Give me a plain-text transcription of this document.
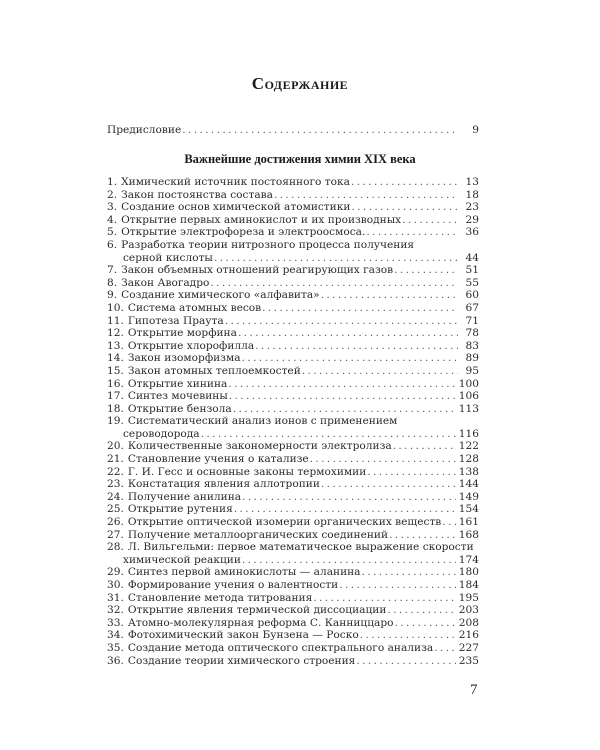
Содержание
Предисловие . . .	9
Важнейшие достижения химии XIX века
1. Химический источник постоянного тока . . .	13
2. Закон постоянства состава . . .	18
3. Создание основ химической атомистики . . .	23
4. Открытие первых аминокислот и их производных . . .	29
5. Открытие электрофореза и электроосмоса. . . .	36
6. Разработка теории нитрозного процесса получения
серной кислоты . . .	44
7. Закон объемных отношений реагирующих газов . . .	51
8. Закон Авогадро . . .	55
9. Создание химического «алфавита» . . .	60
10. Система атомных весов . . .	67
11. Гипотеза Праута . . .	71
12. Открытие морфина . . .	78
13. Открытие хлорофилла . . .	83
14. Закон изоморфизма . . .	89
15. Закон атомных теплоемкостей . . .	95
16. Открытие хинина . . .	100
17. Синтез мочевины . . .	106
18. Открытие бензола . . .	113
19. Систематический анализ ионов с применением
сероводорода . . .	116
20. Количественные закономерности электролиза . . .	122
21. Становление учения о катализе . . .	128
22. Г. И. Гесс и основные законы термохимии . . .	138
23. Констатация явления аллотропии . . .	144
24. Получение анилина . . .	149
25. Открытие рутения . . .	154
26. Открытие оптической изомерии органических веществ . . . 161
27. Получение металлоорганических соединений . . .	168
28. Л. Вильгельми: первое математическое выражение скорости
химической реакции . . .	174
29. Синтез первой аминокислоты — аланина . . .	180
30. Формирование учения о валентности . . .	184
31. Становление метода титрования . . .	195
32. Открытие явления термической диссоциации . . .	203
33. Атомно-молекулярная реформа С. Канниццаро . . .	208
34. Фотохимический закон Бунзена — Роско . . .	216
35. Создание метода оптического спектрального анализа . . . 227
36. Создание теории химического строения . . .	235
7
